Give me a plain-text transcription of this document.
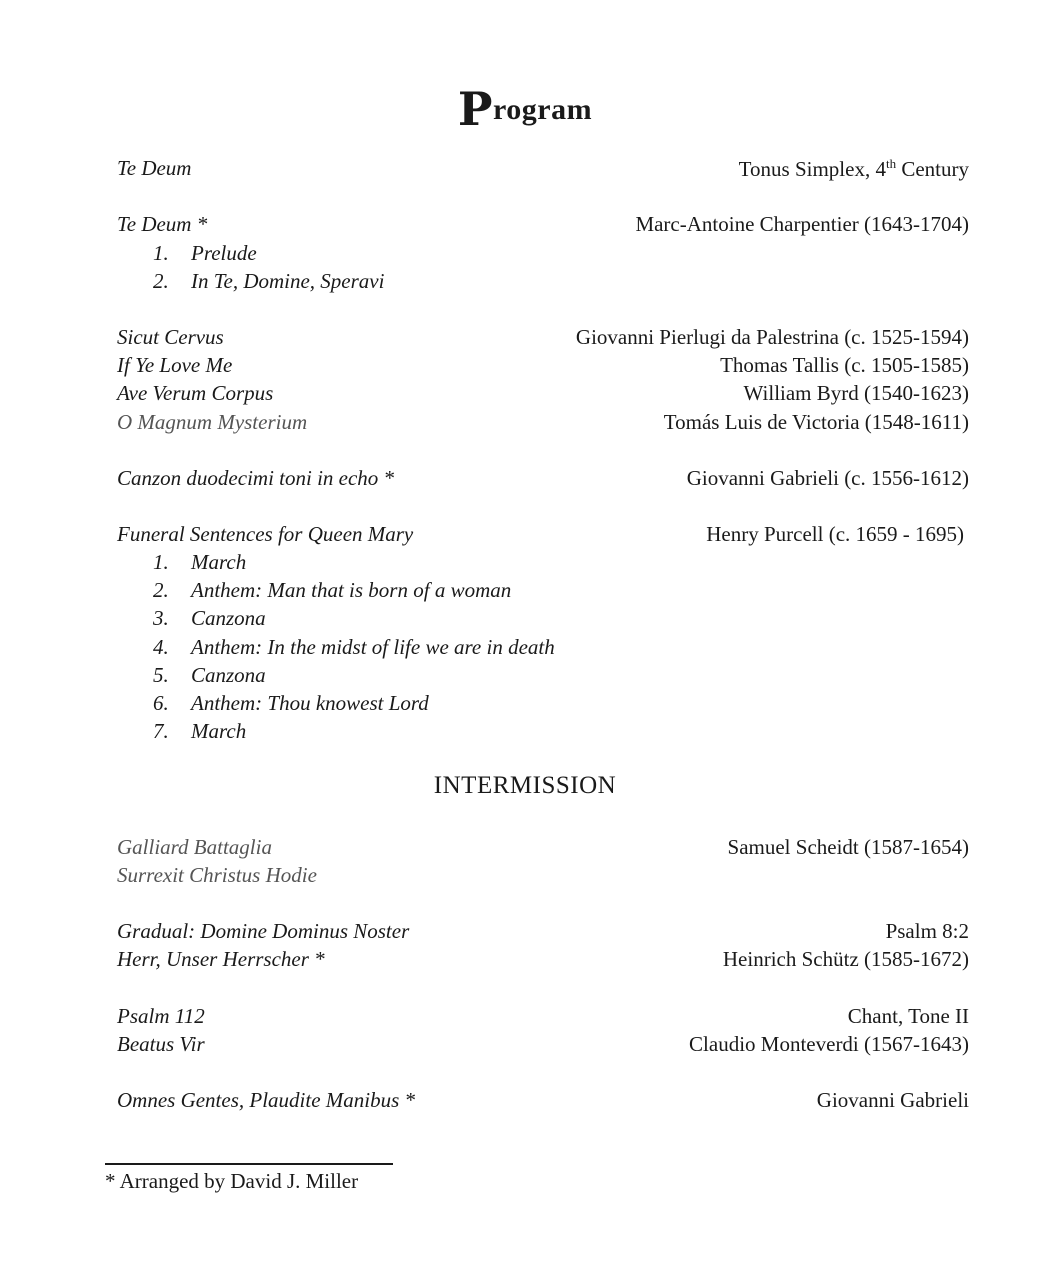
Program
Te Deum	Tonus Simplex, 4th Century
Te Deum *	Marc-Antoine Charpentier (1643-1704)
1. Prelude
2. In Te, Domine, Speravi
Sicut Cervus	Giovanni Pierlugi da Palestrina (c. 1525-1594)
If Ye Love Me	Thomas Tallis (c. 1505-1585)
Ave Verum Corpus	William Byrd (1540-1623)
O Magnum Mysterium	Tomás Luis de Victoria (1548-1611)
Canzon duodecimi toni in echo *	Giovanni Gabrieli (c. 1556-1612)
Funeral Sentences for Queen Mary	Henry Purcell (c. 1659 - 1695)
1. March
2. Anthem: Man that is born of a woman
3. Canzona
4. Anthem: In the midst of life we are in death
5. Canzona
6. Anthem: Thou knowest Lord
7. March
INTERMISSION
Galliard Battaglia	Samuel Scheidt (1587-1654)
Surrexit Christus Hodie
Gradual: Domine Dominus Noster	Psalm 8:2
Herr, Unser Herrscher *	Heinrich Schütz (1585-1672)
Psalm 112	Chant, Tone II
Beatus Vir	Claudio Monteverdi (1567-1643)
Omnes Gentes, Plaudite Manibus *	Giovanni Gabrieli
* Arranged by David J. Miller
